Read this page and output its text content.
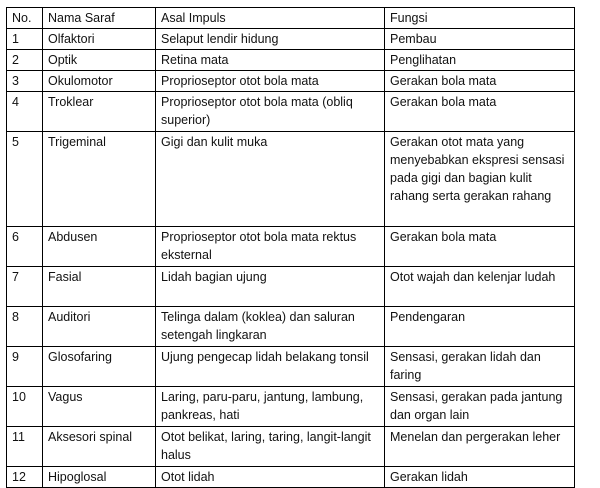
No.	Nama Saraf	Asal Impuls	Fungsi
1	Olfaktori	Selaput lendir hidung	Pembau
2	Optik	Retina mata	Penglihatan
3	Okulomotor	Proprioseptor otot bola mata	Gerakan bola mata
4	Troklear	Proprioseptor otot bola mata (obliq superior)	Gerakan bola mata
5	Trigeminal	Gigi dan kulit muka	Gerakan otot mata yang menyebabkan ekspresi sensasi pada gigi dan bagian kulit rahang serta gerakan rahang
6	Abdusen	Proprioseptor otot bola mata rektus eksternal	Gerakan bola mata
7	Fasial	Lidah bagian ujung	Otot wajah dan kelenjar ludah
8	Auditori	Telinga dalam (koklea) dan saluran setengah lingkaran	Pendengaran
9	Glosofaring	Ujung pengecap lidah belakang tonsil	Sensasi, gerakan lidah dan faring
10	Vagus	Laring, paru-paru, jantung, lambung, pankreas, hati	Sensasi, gerakan pada jantung dan organ lain
11	Aksesori spinal	Otot belikat, laring, taring, langit-langit halus	Menelan dan pergerakan leher
12	Hipoglosal	Otot lidah	Gerakan lidah
